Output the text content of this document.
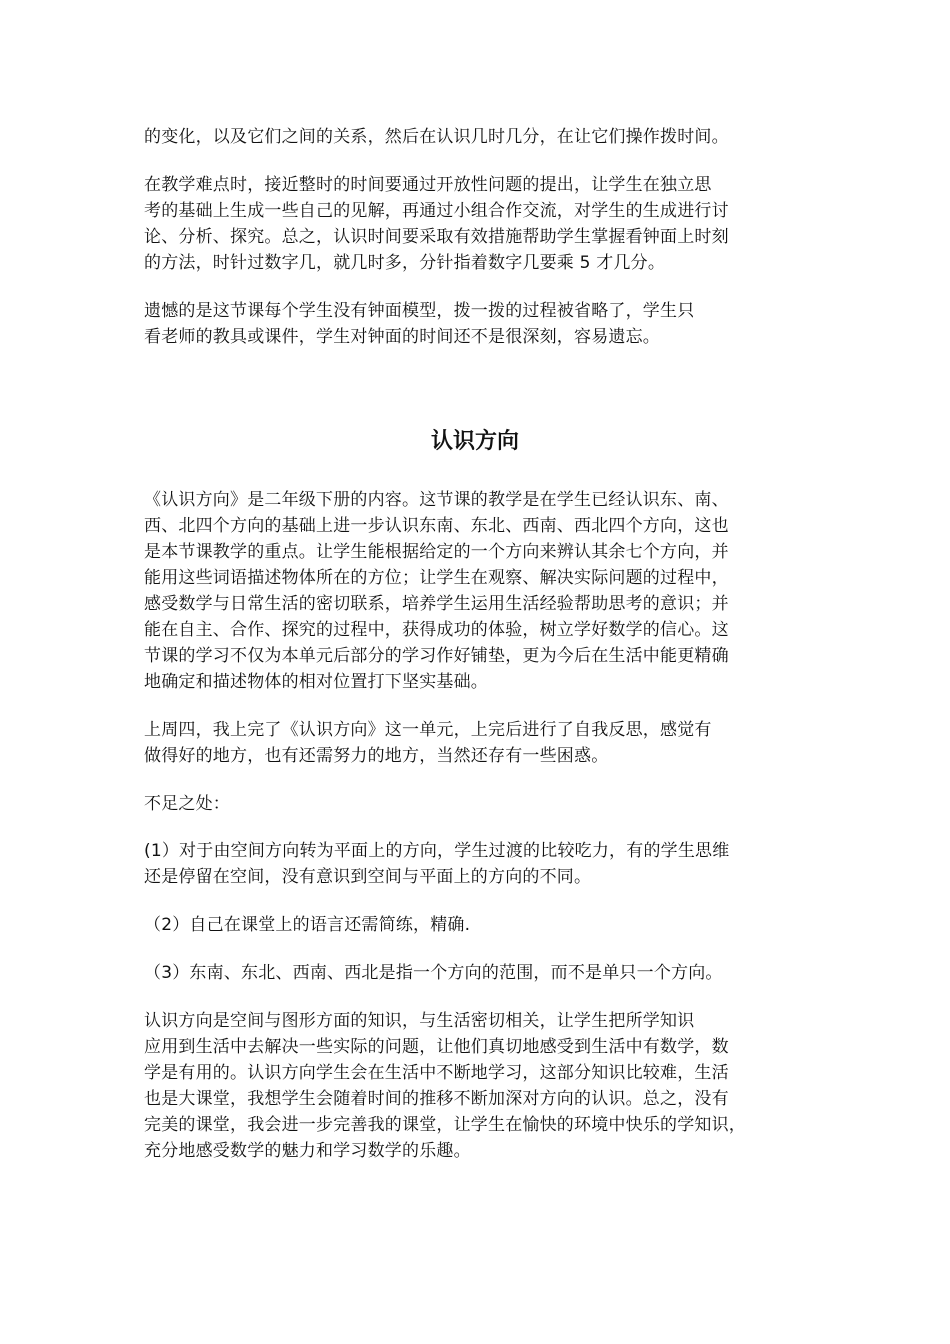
的变化，以及它们之间的关系，然后在认识几时几分，在让它们操作拨时间。
在教学难点时，接近整时的时间要通过开放性问题的提出，让学生在独立思
考的基础上生成一些自己的见解，再通过小组合作交流，对学生的生成进行讨
论、分析、探究。总之，认识时间要采取有效措施帮助学生掌握看钟面上时刻
的方法，时针过数字几，就几时多，分针指着数字几要乘 5 才几分。
遗憾的是这节课每个学生没有钟面模型，拨一拨的过程被省略了，学生只
看老师的教具或课件，学生对钟面的时间还不是很深刻，容易遗忘。
认识方向
《认识方向》是二年级下册的内容。这节课的教学是在学生已经认识东、南、
西、北四个方向的基础上进一步认识东南、东北、西南、西北四个方向，这也
是本节课教学的重点。让学生能根据给定的一个方向来辨认其余七个方向，并
能用这些词语描述物体所在的方位；让学生在观察、解决实际问题的过程中，
感受数学与日常生活的密切联系，培养学生运用生活经验帮助思考的意识；并
能在自主、合作、探究的过程中，获得成功的体验，树立学好数学的信心。这
节课的学习不仅为本单元后部分的学习作好铺垫，更为今后在生活中能更精确
地确定和描述物体的相对位置打下坚实基础。
上周四，我上完了《认识方向》这一单元，上完后进行了自我反思，感觉有
做得好的地方，也有还需努力的地方，当然还存有一些困惑。
不足之处：
(1）对于由空间方向转为平面上的方向，学生过渡的比较吃力，有的学生思维
还是停留在空间，没有意识到空间与平面上的方向的不同。
（2）自己在课堂上的语言还需简练，精确.
（3）东南、东北、西南、西北是指一个方向的范围，而不是单只一个方向。
认识方向是空间与图形方面的知识，与生活密切相关，让学生把所学知识
应用到生活中去解决一些实际的问题，让他们真切地感受到生活中有数学，数
学是有用的。认识方向学生会在生活中不断地学习，这部分知识比较难，生活
也是大课堂，我想学生会随着时间的推移不断加深对方向的认识。总之，没有
完美的课堂，我会进一步完善我的课堂，让学生在愉快的环境中快乐的学知识，
充分地感受数学的魅力和学习数学的乐趣。
